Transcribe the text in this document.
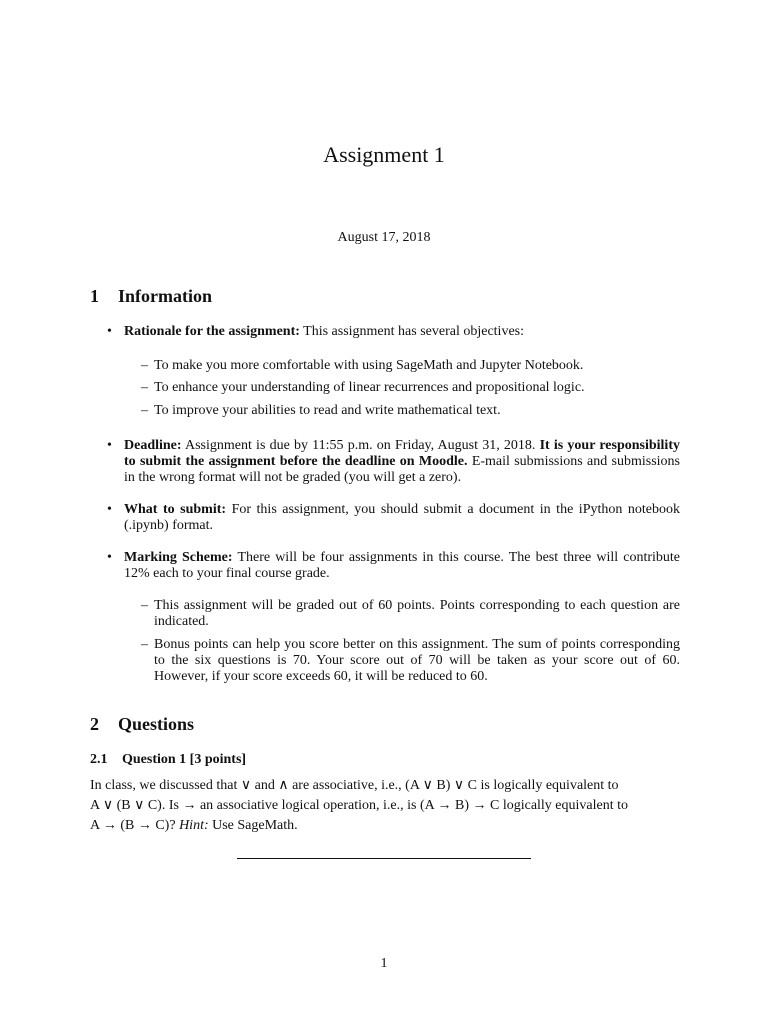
Assignment 1
August 17, 2018
1 Information
• Rationale for the assignment: This assignment has several objectives:
– To make you more comfortable with using SageMath and Jupyter Notebook.
– To enhance your understanding of linear recurrences and propositional logic.
– To improve your abilities to read and write mathematical text.
• Deadline: Assignment is due by 11:55 p.m. on Friday, August 31, 2018. It is your responsibility to submit the assignment before the deadline on Moodle. E-mail submissions and submissions in the wrong format will not be graded (you will get a zero).
• What to submit: For this assignment, you should submit a document in the iPython notebook (.ipynb) format.
• Marking Scheme: There will be four assignments in this course. The best three will contribute 12% each to your final course grade.
– This assignment will be graded out of 60 points. Points corresponding to each question are indicated.
– Bonus points can help you score better on this assignment. The sum of points corresponding to the six questions is 70. Your score out of 70 will be taken as your score out of 60. However, if your score exceeds 60, it will be reduced to 60.
2 Questions
2.1 Question 1 [3 points]
In class, we discussed that ∨ and ∧ are associative, i.e., (A ∨ B) ∨ C is logically equivalent to
A ∨ (B ∨ C). Is → an associative logical operation, i.e., is (A → B) → C logically equivalent to
A → (B → C)? Hint: Use SageMath.
1
